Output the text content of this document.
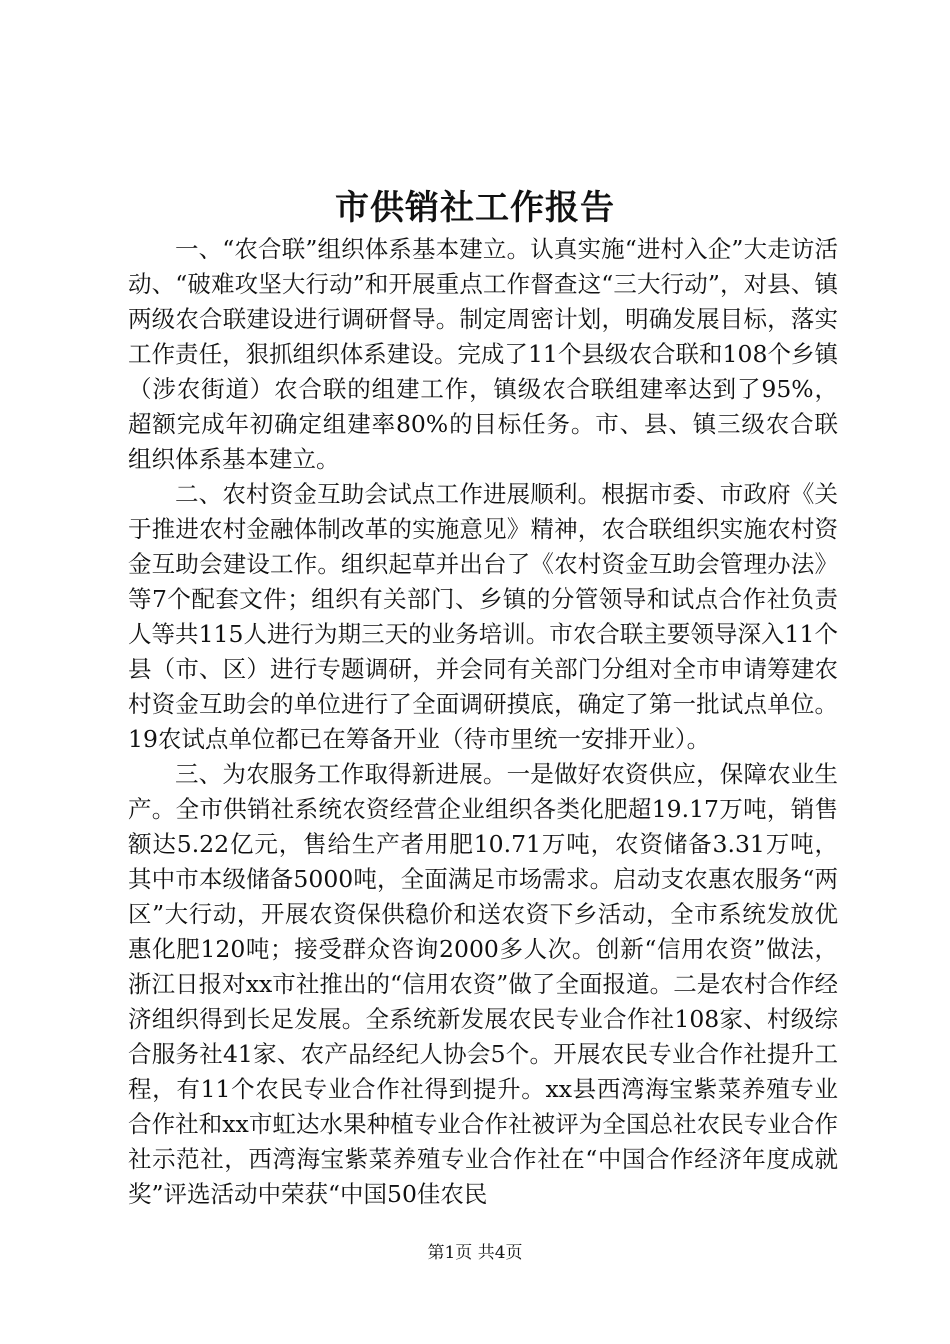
市供销社工作报告

一、“农合联”组织体系基本建立。认真实施“进村入企”大走访活动、“破难攻坚大行动”和开展重点工作督查这“三大行动”，对县、镇两级农合联建设进行调研督导。制定周密计划，明确发展目标，落实工作责任，狠抓组织体系建设。完成了11个县级农合联和108个乡镇（涉农街道）农合联的组建工作，镇级农合联组建率达到了95%，超额完成年初确定组建率80%的目标任务。市、县、镇三级农合联组织体系基本建立。

二、农村资金互助会试点工作进展顺利。根据市委、市政府《关于推进农村金融体制改革的实施意见》精神，农合联组织实施农村资金互助会建设工作。组织起草并出台了《农村资金互助会管理办法》等7个配套文件；组织有关部门、乡镇的分管领导和试点合作社负责人等共115人进行为期三天的业务培训。市农合联主要领导深入11个县（市、区）进行专题调研，并会同有关部门分组对全市申请筹建农村资金互助会的单位进行了全面调研摸底，确定了第一批试点单位。19农试点单位都已在筹备开业（待市里统一安排开业）。

三、为农服务工作取得新进展。一是做好农资供应，保障农业生产。全市供销社系统农资经营企业组织各类化肥超19.17万吨，销售额达5.22亿元，售给生产者用肥10.71万吨，农资储备3.31万吨，其中市本级储备5000吨，全面满足市场需求。启动支农惠农服务“两区”大行动，开展农资保供稳价和送农资下乡活动，全市系统发放优惠化肥120吨；接受群众咨询2000多人次。创新“信用农资”做法，浙江日报对xx市社推出的“信用农资”做了全面报道。二是农村合作经济组织得到长足发展。全系统新发展农民专业合作社108家、村级综合服务社41家、农产品经纪人协会5个。开展农民专业合作社提升工程，有11个农民专业合作社得到提升。xx县西湾海宝紫菜养殖专业合作社和xx市虹达水果种植专业合作社被评为全国总社农民专业合作社示范社，西湾海宝紫菜养殖专业合作社在“中国合作经济年度成就奖”评选活动中荣获“中国50佳农民

第1页 共4页
